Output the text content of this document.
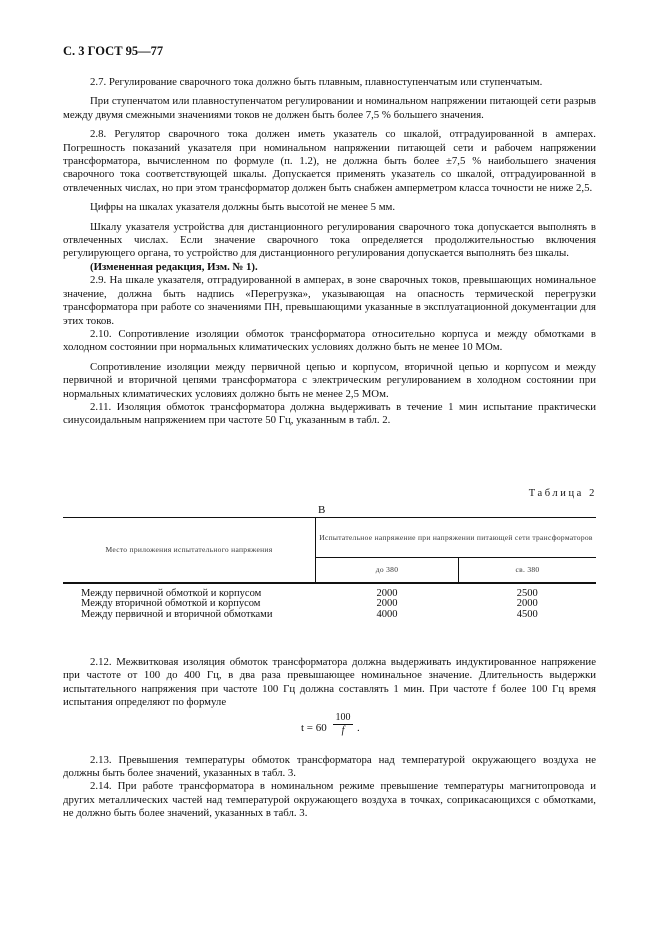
С. 3 ГОСТ 95—77

2.7. Регулирование сварочного тока должно быть плавным, плавноступенчатым или ступенчатым.

При ступенчатом или плавноступенчатом регулировании и номинальном напряжении питающей сети разрыв между двумя смежными значениями токов не должен быть более 7,5 % большего значения.

2.8. Регулятор сварочного тока должен иметь указатель со шкалой, отградуированной в амперах. Погрешность показаний указателя при номинальном напряжении питающей сети и рабочем напряжении трансформатора, вычисленном по формуле (п. 1.2), не должна быть более ±7,5 % наибольшего значения сварочного тока соответствующей шкалы. Допускается применять указатель со шкалой, отградуированной в отвлеченных числах, но при этом трансформатор должен быть снабжен амперметром класса точности не ниже 2,5.

Цифры на шкалах указателя должны быть высотой не менее 5 мм.

Шкалу указателя устройства для дистанционного регулирования сварочного тока допускается выполнять в отвлеченных числах. Если значение сварочного тока определяется продолжительностью включения регулирующего органа, то устройство для дистанционного регулирования допускается выполнять без шкалы.

(Измененная редакция, Изм. № 1).

2.9. На шкале указателя, отградуированной в амперах, в зоне сварочных токов, превышающих номинальное значение, должна быть надпись «Перегрузка», указывающая на опасность термической перегрузки трансформатора при работе со значениями ПН, превышающими указанные в эксплуатационной документации для этих токов.

2.10. Сопротивление изоляции обмоток трансформатора относительно корпуса и между обмотками в холодном состоянии при нормальных климатических условиях должно быть не менее 10 МОм.

Сопротивление изоляции между первичной цепью и корпусом, вторичной цепью и корпусом и между первичной и вторичной цепями трансформатора с электрическим регулированием в холодном состоянии при нормальных климатических условиях должно быть не менее 2,5 МОм.

2.11. Изоляция обмоток трансформатора должна выдерживать в течение 1 мин испытание практически синусоидальным напряжением при частоте 50 Гц, указанным в табл. 2.

Таблица 2
В
Место приложения испытательного напряжения	Испытательное напряжение при напряжении питающей сети трансформаторов	
	до 380	св. 380

Между первичной обмоткой и корпусом	2000	2500
Между вторичной обмоткой и корпусом	2000	2000
Между первичной и вторичной обмотками	4000	4500

2.12. Межвитковая изоляция обмоток трансформатора должна выдерживать индуктированное напряжение при частоте от 100 до 400 Гц, в два раза превышающее номинальное значение. Длительность выдержки испытательного напряжения при частоте 100 Гц должна составлять 1 мин. При частоте f более 100 Гц время испытания определяют по формуле

$t = 60 \frac{100}{f}$ .

2.13. Превышения температуры обмоток трансформатора над температурой окружающего воздуха не должны быть более значений, указанных в табл. 3.

2.14. При работе трансформатора в номинальном режиме превышение температуры магнитопровода и других металлических частей над температурой окружающего воздуха в точках, соприкасающихся с обмотками, не должно быть более значений, указанных в табл. 3.
